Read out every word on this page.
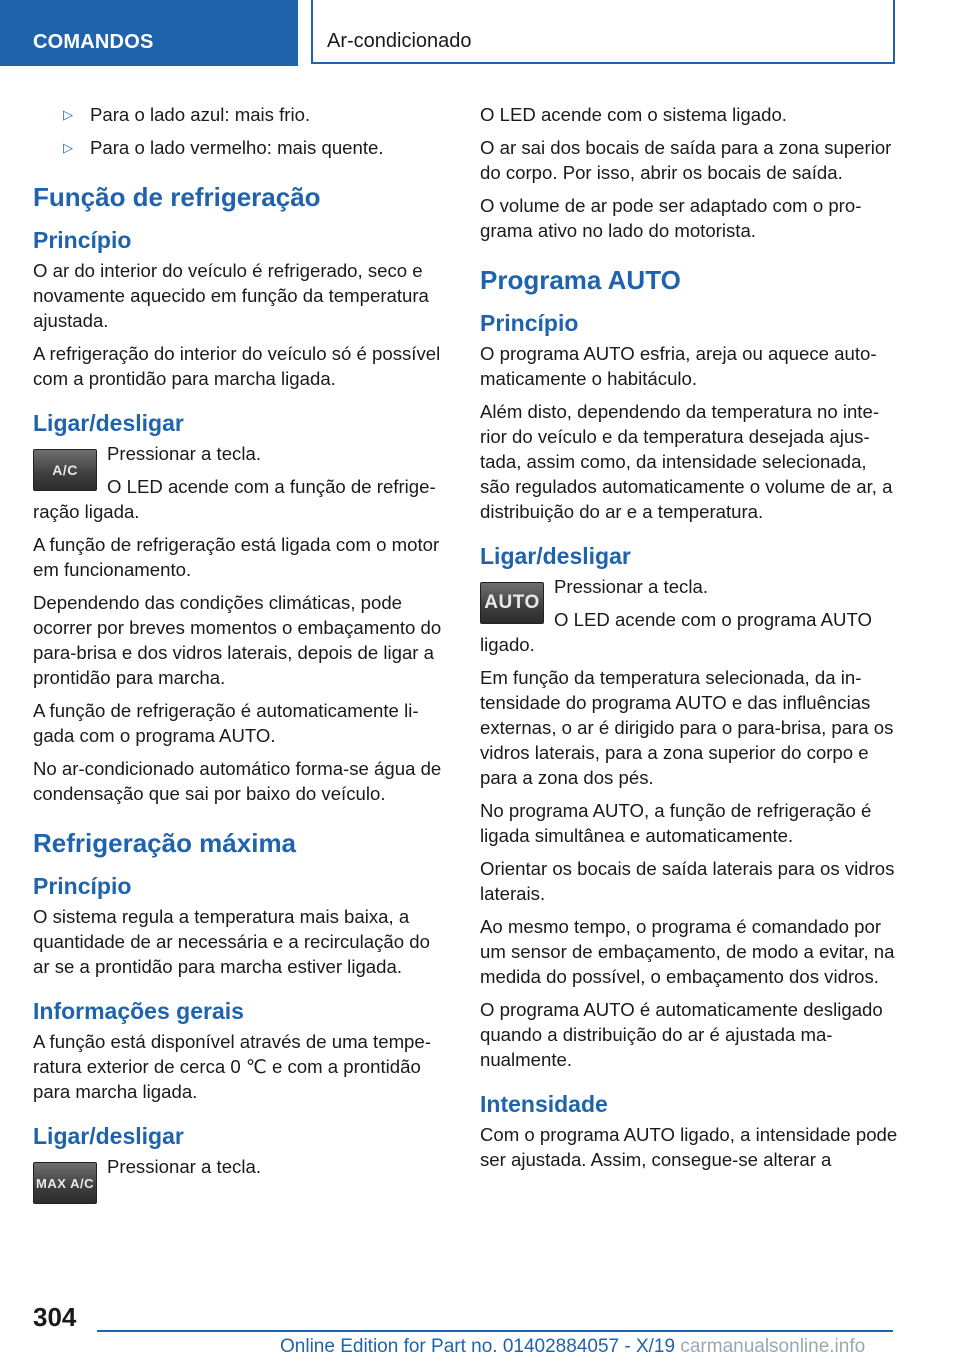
COMANDOS	Ar-condicionado
▷ Para o lado azul: mais frio.
▷ Para o lado vermelho: mais quente.
Função de refrigeração
Princípio

O ar do interior do veículo é refrigerado, seco e novamente aquecido em função da temperatura ajustada.

A refrigeração do interior do veículo só é possível com a prontidão para marcha ligada.

Ligar/desligar
A/C

Pressionar a tecla.

O LED acende com a função de refrigeração ligada.

A função de refrigeração está ligada com o motor em funcionamento.

Dependendo das condições climáticas, pode ocorrer por breves momentos o embaçamento do para-brisa e dos vidros laterais, depois de ligar a prontidão para marcha.

A função de refrigeração é automaticamente ligada com o programa AUTO.

No ar-condicionado automático forma-se água de condensação que sai por baixo do veículo.

Refrigeração máxima
Princípio

O sistema regula a temperatura mais baixa, a quantidade de ar necessária e a recirculação do ar se a prontidão para marcha estiver ligada.

Informações gerais

A função está disponível através de uma temperatura exterior de cerca 0 ℃ e com a prontidão para marcha ligada.

Ligar/desligar
MAX A/C

Pressionar a tecla.

O LED acende com o sistema ligado.

O ar sai dos bocais de saída para a zona superior do corpo. Por isso, abrir os bocais de saída.

O volume de ar pode ser adaptado com o programa ativo no lado do motorista.

Programa AUTO
Princípio

O programa AUTO esfria, areja ou aquece automaticamente o habitáculo.

Além disto, dependendo da temperatura no interior do veículo e da temperatura desejada ajustada, assim como, da intensidade selecionada, são regulados automaticamente o volume de ar, a distribuição do ar e a temperatura.

Ligar/desligar
AUTO

Pressionar a tecla.

O LED acende com o programa AUTO ligado.

Em função da temperatura selecionada, da intensidade do programa AUTO e das influências externas, o ar é dirigido para o para-brisa, para os vidros laterais, para a zona superior do corpo e para a zona dos pés.

No programa AUTO, a função de refrigeração é ligada simultânea e automaticamente.

Orientar os bocais de saída laterais para os vidros laterais.

Ao mesmo tempo, o programa é comandado por um sensor de embaçamento, de modo a evitar, na medida do possível, o embaçamento dos vidros.

O programa AUTO é automaticamente desligado quando a distribuição do ar é ajustada manualmente.

Intensidade

Com o programa AUTO ligado, a intensidade pode ser ajustada. Assim, consegue-se alterar a

304
Online Edition for Part no. 01402884057 - X/19 carmanualsonline.info
